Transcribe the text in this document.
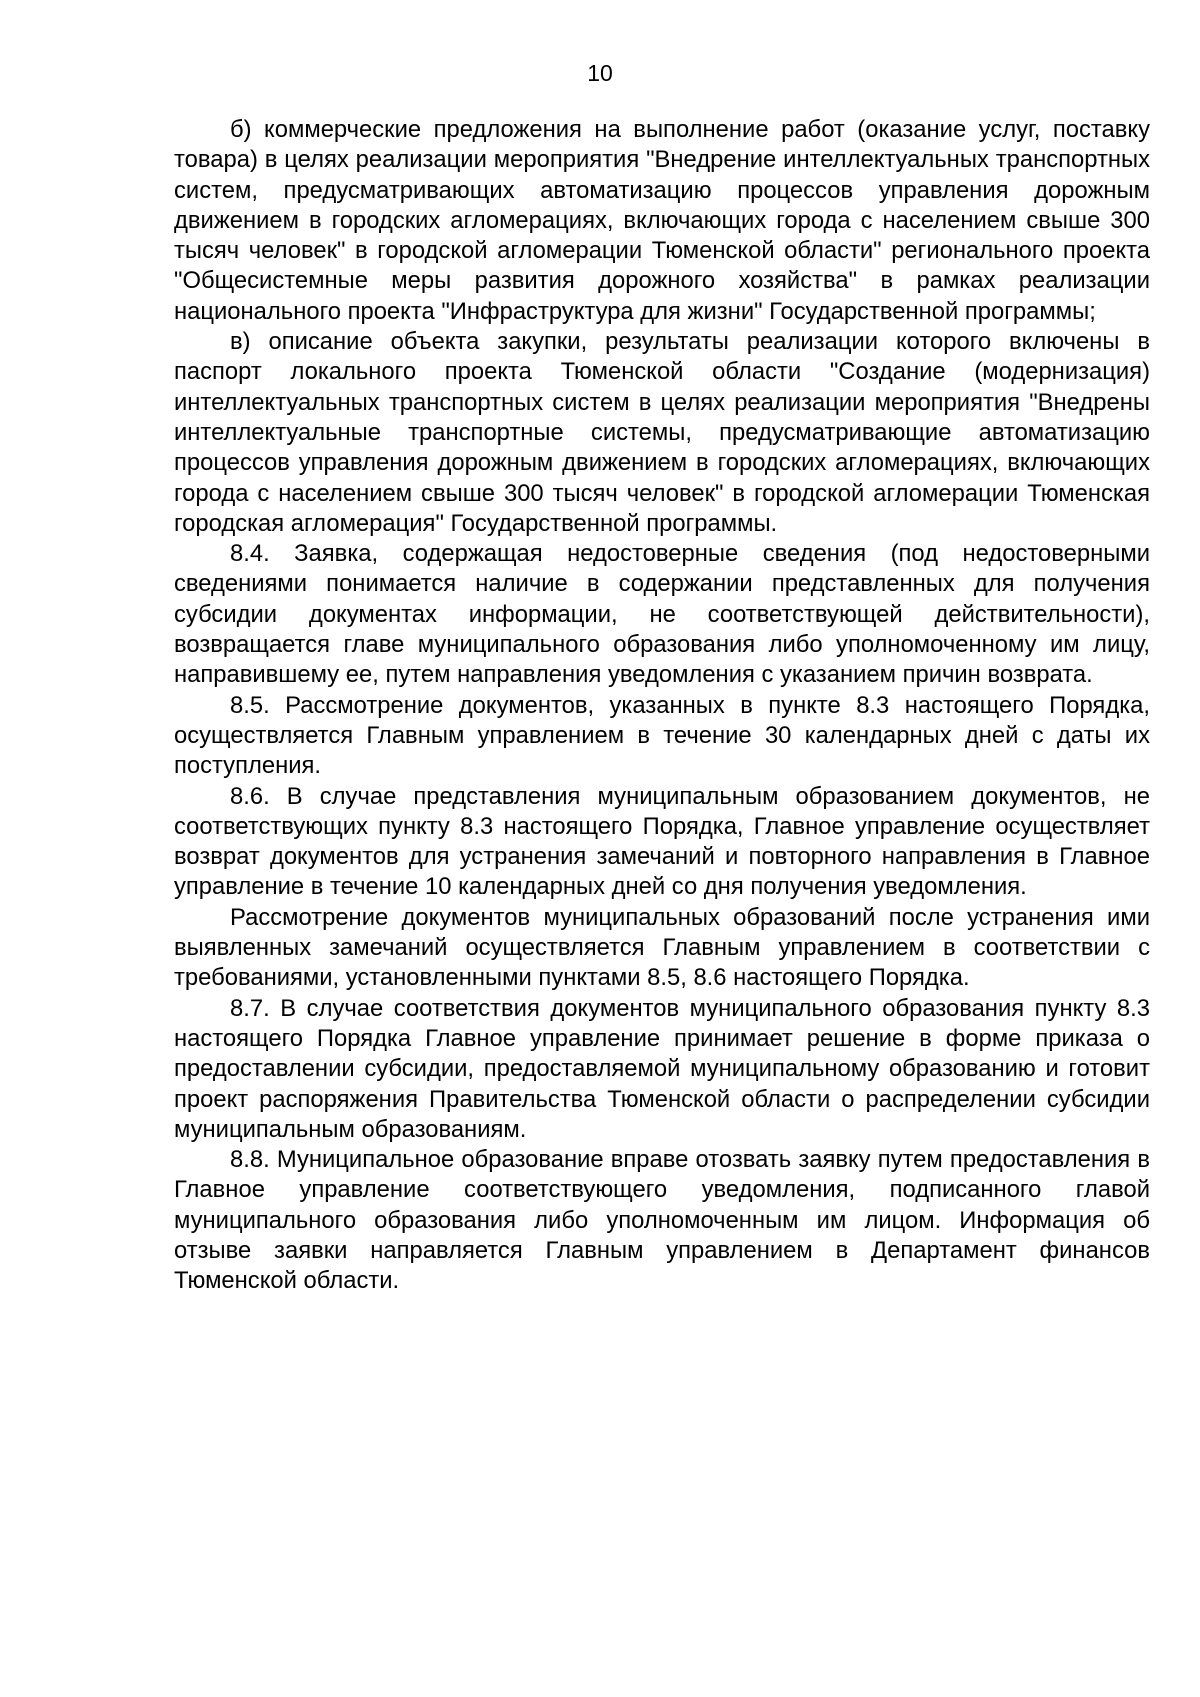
10

б) коммерческие предложения на выполнение работ (оказание услуг, поставку товара) в целях реализации мероприятия "Внедрение интеллектуальных транспортных систем, предусматривающих автоматизацию процессов управления дорожным движением в городских агломерациях, включающих города с населением свыше 300 тысяч человек" в городской агломерации Тюменской области" регионального проекта "Общесистемные меры развития дорожного хозяйства" в рамках реализации национального проекта "Инфраструктура для жизни" Государственной программы;

в) описание объекта закупки, результаты реализации которого включены в паспорт локального проекта Тюменской области "Создание (модернизация) интеллектуальных транспортных систем в целях реализации мероприятия "Внедрены интеллектуальные транспортные системы, предусматривающие автоматизацию процессов управления дорожным движением в городских агломерациях, включающих города с населением свыше 300 тысяч человек" в городской агломерации Тюменская городская агломерация" Государственной программы.

8.4. Заявка, содержащая недостоверные сведения (под недостоверными сведениями понимается наличие в содержании представленных для получения субсидии документах информации, не соответствующей действительности), возвращается главе муниципального образования либо уполномоченному им лицу, направившему ее, путем направления уведомления с указанием причин возврата.

8.5. Рассмотрение документов, указанных в пункте 8.3 настоящего Порядка, осуществляется Главным управлением в течение 30 календарных дней с даты их поступления.

8.6. В случае представления муниципальным образованием документов, не соответствующих пункту 8.3 настоящего Порядка, Главное управление осуществляет возврат документов для устранения замечаний и повторного направления в Главное управление в течение 10 календарных дней со дня получения уведомления.

Рассмотрение документов муниципальных образований после устранения ими выявленных замечаний осуществляется Главным управлением в соответствии с требованиями, установленными пунктами 8.5, 8.6 настоящего Порядка.

8.7. В случае соответствия документов муниципального образования пункту 8.3 настоящего Порядка Главное управление принимает решение в форме приказа о предоставлении субсидии, предоставляемой муниципальному образованию и готовит проект распоряжения Правительства Тюменской области о распределении субсидии муниципальным образованиям.

8.8. Муниципальное образование вправе отозвать заявку путем предоставления в Главное управление соответствующего уведомления, подписанного главой муниципального образования либо уполномоченным им лицом. Информация об отзыве заявки направляется Главным управлением в Департамент финансов Тюменской области.
